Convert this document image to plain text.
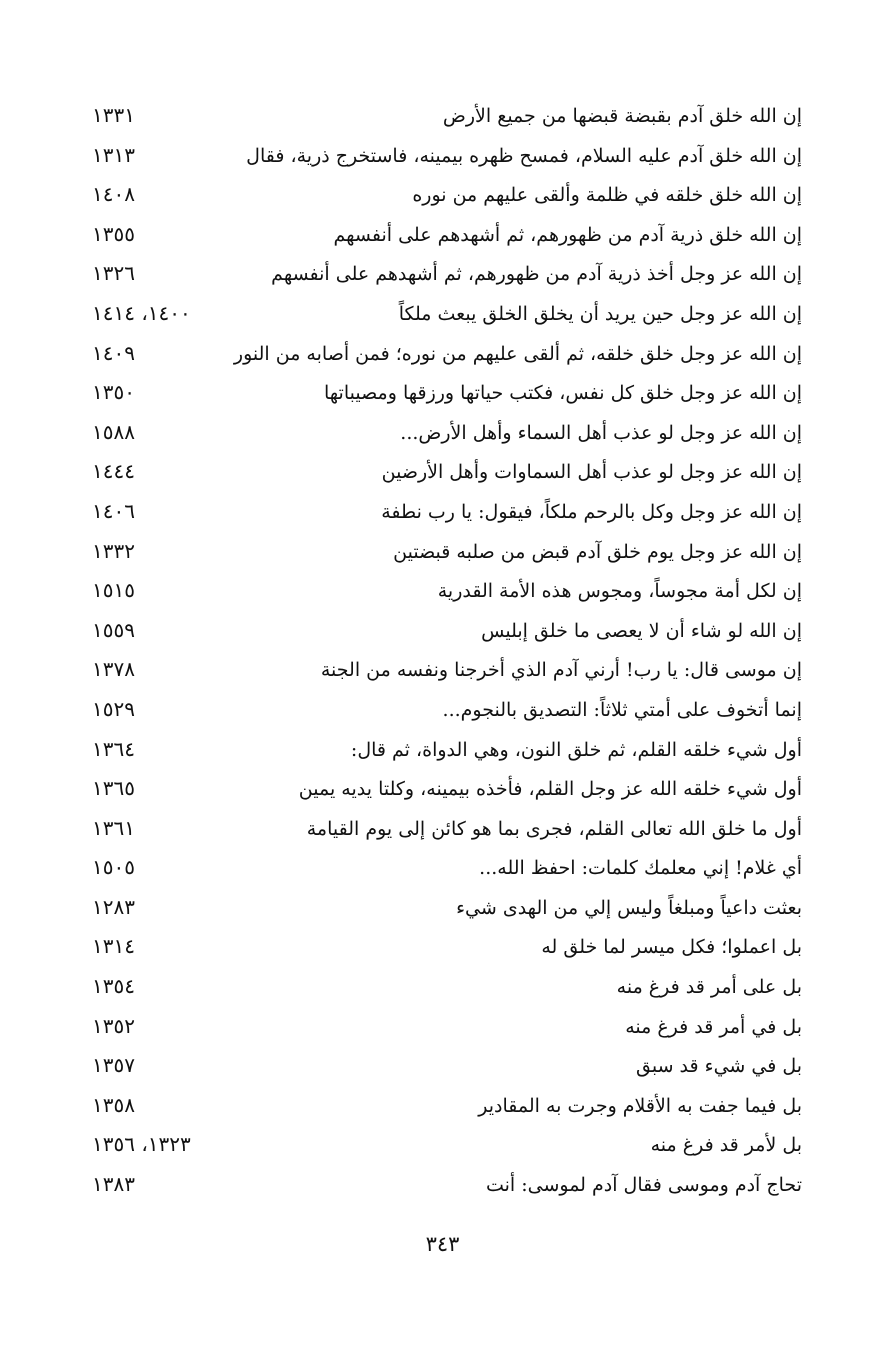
إن الله خلق آدم بقبضة قبضها من جميع الأرض
١٣٣١
إن الله خلق آدم عليه السلام، فمسح ظهره بيمينه، فاستخرج ذرية، فقال
١٣١٣
إن الله خلق خلقه في ظلمة وألقى عليهم من نوره
١٤٠٨
إن الله خلق ذرية آدم من ظهورهم، ثم أشهدهم على أنفسهم
١٣٥٥
إن الله عز وجل أخذ ذرية آدم من ظهورهم، ثم أشهدهم على أنفسهم
١٣٢٦
إن الله عز وجل حين يريد أن يخلق الخلق يبعث ملكاً
١٤٠٠، ١٤١٤
إن الله عز وجل خلق خلقه، ثم ألقى عليهم من نوره؛ فمن أصابه من النور
١٤٠٩
إن الله عز وجل خلق كل نفس، فكتب حياتها ورزقها ومصيباتها
١٣٥٠
إن الله عز وجل لو عذب أهل السماء وأهل الأرض...
١٥٨٨
إن الله عز وجل لو عذب أهل السماوات وأهل الأرضين
١٤٤٤
إن الله عز وجل وكل بالرحم ملكاً، فيقول: يا رب نطفة
١٤٠٦
إن الله عز وجل يوم خلق آدم قبض من صلبه قبضتين
١٣٣٢
إن لكل أمة مجوساً، ومجوس هذه الأمة القدرية
١٥١٥
إن الله لو شاء أن لا يعصى ما خلق إبليس
١٥٥٩
إن موسى قال: يا رب! أرني آدم الذي أخرجنا ونفسه من الجنة
١٣٧٨
إنما أتخوف على أمتي ثلاثاً: التصديق بالنجوم...
١٥٢٩
أول شيء خلقه القلم، ثم خلق النون، وهي الدواة، ثم قال:
١٣٦٤
أول شيء خلقه الله عز وجل القلم، فأخذه بيمينه، وكلتا يديه يمين
١٣٦٥
أول ما خلق الله تعالى القلم، فجرى بما هو كائن إلى يوم القيامة
١٣٦١
أي غلام! إني معلمك كلمات: احفظ الله...
١٥٠٥
بعثت داعياً ومبلغاً وليس إلي من الهدى شيء
١٢٨٣
بل اعملوا؛ فكل ميسر لما خلق له
١٣١٤
بل على أمر قد فرغ منه
١٣٥٤
بل في أمر قد فرغ منه
١٣٥٢
بل في شيء قد سبق
١٣٥٧
بل فيما جفت به الأقلام وجرت به المقادير
١٣٥٨
بل لأمر قد فرغ منه
١٣٢٣، ١٣٥٦
تحاج آدم وموسى فقال آدم لموسى: أنت
١٣٨٣
٣٤٣
